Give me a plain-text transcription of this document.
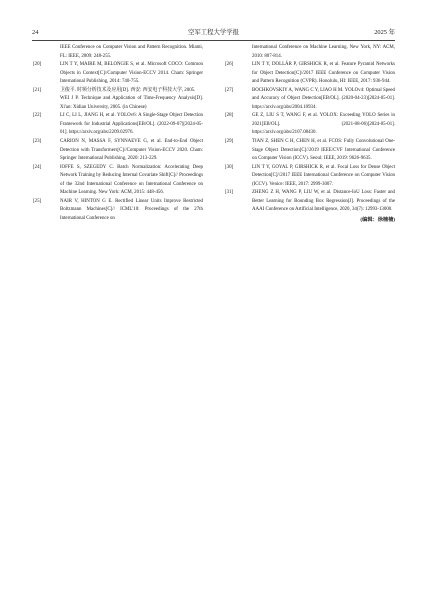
24	空军工程大学学报	2025 年
IEEE Conference on Computer Vision and Pattern Recognition. Miami, FL: IEEE, 2009: 248-255.
[20]	LIN T Y, MAIRE M, BELONGIE S, et al. Microsoft COCO: Common Objects in Context[C]//Computer Vision-ECCV 2014. Cham: Springer International Publishing, 2014: 740-755.
[21]	卫俊平. 时频分析技术及应用[D]. 西安: 西安电子科技大学, 2005.
WEI J P. Technique and Application of Time-Frequency Analysis[D]. Xi'an: Xidian University, 2005. (in Chinese)
[22]	LI C, LI L, JIANG H, et al. YOLOv6: A Single-Stage Object Detection Framework for Industrial Applications[EB/OL]. (2022-09-07)[2024-05-01]. https://arxiv.org/abs/2209.02976.
[23]	CARION N, MASSA F, SYNNAEVE G, et al. End-to-End Object Detection with Transformers[C]//Computer Vision-ECCV 2020. Cham: Springer International Publishing, 2020: 213-229.
[24]	IOFFE S, SZEGEDY C. Batch Normalization: Accelerating Deep Network Training by Reducing Internal Covariate Shift[C]// Proceedings of the 32nd International Conference on International Conference on Machine Learning. New York: ACM, 2015: 448-456.
[25]	NAIR V, HINTON G E. Rectified Linear Units Improve Restricted Boltzmann Machines[C]// ICML'10: Proceedings of the 27th International Conference on
International Conference on Machine Learning. New York, NY: ACM, 2010: 807-814.
[26]	LIN T Y, DOLLÁR P, GIRSHICK R, et al. Feature Pyramid Networks for Object Detection[C]//2017 IEEE Conference on Computer Vision and Pattern Recognition (CVPR). Honolulu, HI: IEEE, 2017: 936-944.
[27]	BOCHKOVSKIY A, WANG C Y, LIAO H M. YOLOv4: Optimal Speed and Accuracy of Object Detection[EB/OL]. (2020-04-23)[2024-05-01]. https://arxiv.org/abs/2004.10934.
[28]	GE Z, LIU S T, WANG F, et al. YOLOX: Exceeding YOLO Series in 2021[EB/OL]. (2021-08-06)[2024-05-01]. https://arxiv.org/abs/2107.08430.
[29]	TIAN Z, SHEN C H, CHEN H, et al. FCOS: Fully Convolutional One-Stage Object Detection[C]//2019 IEEE/CVF International Conference on Computer Vision (ICCV). Seoul: IEEE, 2019: 9626-9635.
[30]	LIN T Y, GOYAL P, GIRSHICK R, et al. Focal Loss for Dense Object Detection[C]//2017 IEEE International Conference on Computer Vision (ICCV). Venice: IEEE, 2017: 2999-3007.
[31]	ZHENG Z H, WANG P, LIU W, et al. Distance-IoU Loss: Faster and Better Learning for Bounding Box Regression[J]. Proceedings of the AAAI Conference on Artificial Intelligence, 2020, 34(7): 12993-13000.
(编辑：徐楠楠)
